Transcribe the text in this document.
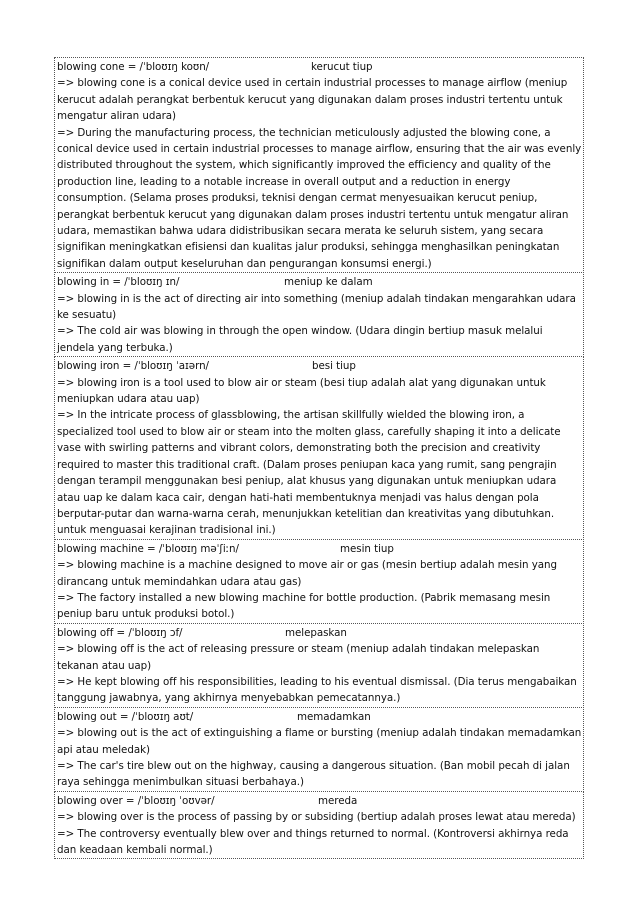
blowing cone = /ˈbloʊɪŋ koʊn/	kerucut tiup
=> blowing cone is a conical device used in certain industrial processes to manage airflow (meniup kerucut adalah perangkat berbentuk kerucut yang digunakan dalam proses industri tertentu untuk mengatur aliran udara)
=> During the manufacturing process, the technician meticulously adjusted the blowing cone, a conical device used in certain industrial processes to manage airflow, ensuring that the air was evenly distributed throughout the system, which significantly improved the efficiency and quality of the production line, leading to a notable increase in overall output and a reduction in energy consumption. (Selama proses produksi, teknisi dengan cermat menyesuaikan kerucut peniup, perangkat berbentuk kerucut yang digunakan dalam proses industri tertentu untuk mengatur aliran udara, memastikan bahwa udara didistribusikan secara merata ke seluruh sistem, yang secara signifikan meningkatkan efisiensi dan kualitas jalur produksi, sehingga menghasilkan peningkatan signifikan dalam output keseluruhan dan pengurangan konsumsi energi.)
blowing in = /ˈbloʊɪŋ ɪn/	meniup ke dalam
=> blowing in is the act of directing air into something (meniup adalah tindakan mengarahkan udara ke sesuatu)
=> The cold air was blowing in through the open window. (Udara dingin bertiup masuk melalui jendela yang terbuka.)
blowing iron = /ˈbloʊɪŋ ˈaɪərn/	besi tiup
=> blowing iron is a tool used to blow air or steam (besi tiup adalah alat yang digunakan untuk meniupkan udara atau uap)
=> In the intricate process of glassblowing, the artisan skillfully wielded the blowing iron, a specialized tool used to blow air or steam into the molten glass, carefully shaping it into a delicate vase with swirling patterns and vibrant colors, demonstrating both the precision and creativity required to master this traditional craft. (Dalam proses peniupan kaca yang rumit, sang pengrajin dengan terampil menggunakan besi peniup, alat khusus yang digunakan untuk meniupkan udara atau uap ke dalam kaca cair, dengan hati-hati membentuknya menjadi vas halus dengan pola berputar-putar dan warna-warna cerah, menunjukkan ketelitian dan kreativitas yang dibutuhkan. untuk menguasai kerajinan tradisional ini.)
blowing machine = /ˈbloʊɪŋ məˈʃiːn/	mesin tiup
=> blowing machine is a machine designed to move air or gas (mesin bertiup adalah mesin yang dirancang untuk memindahkan udara atau gas)
=> The factory installed a new blowing machine for bottle production. (Pabrik memasang mesin peniup baru untuk produksi botol.)
blowing off = /ˈbloʊɪŋ ɔf/	melepaskan
=> blowing off is the act of releasing pressure or steam (meniup adalah tindakan melepaskan tekanan atau uap)
=> He kept blowing off his responsibilities, leading to his eventual dismissal. (Dia terus mengabaikan tanggung jawabnya, yang akhirnya menyebabkan pemecatannya.)
blowing out = /ˈbloʊɪŋ aʊt/	memadamkan
=> blowing out is the act of extinguishing a flame or bursting (meniup adalah tindakan memadamkan api atau meledak)
=> The car's tire blew out on the highway, causing a dangerous situation. (Ban mobil pecah di jalan raya sehingga menimbulkan situasi berbahaya.)
blowing over = /ˈbloʊɪŋ ˈoʊvər/	mereda
=> blowing over is the process of passing by or subsiding (bertiup adalah proses lewat atau mereda)
=> The controversy eventually blew over and things returned to normal. (Kontroversi akhirnya reda dan keadaan kembali normal.)
